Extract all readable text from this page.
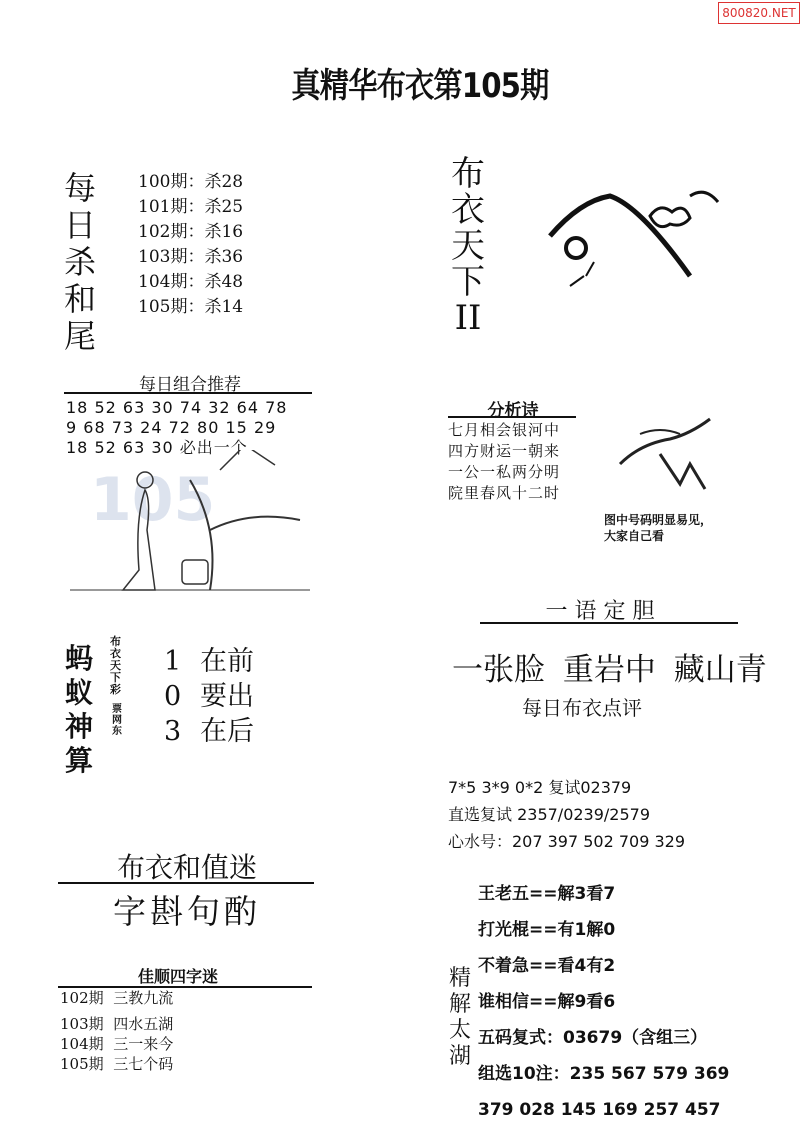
800820.NET
真精华布衣第105期
每
日
杀
和
尾
100期：杀28
101期：杀25
102期：杀16
103期：杀36
104期：杀48
105期：杀14
布
衣
天
下
II
每日组合推荐
18 52 63 30 74 32 64 78
9 68 73 24 72 80 15 29
18 52 63 30 必出一个
105
分析诗
七月相会银河中
四方财运一朝来
一公一私两分明
院里春风十二时
图中号码明显易见，
大家自己看
一 语 定 胆
一张脸 重岩中 藏山青
每日布衣点评
蚂
蚁
神
算
布衣天下彩
票网东
1 在前
0 要出
3 在后
7*5 3*9 0*2 复试02379
直选复试 2357/0239/2579
心水号：207 397 502 709 329
布衣和值迷
字斟句酌
佳顺四字迷
102期 三教九流
103期 四水五湖
104期 三一来今
105期 三七个码
精
解
太
湖
王老五==解3看7
打光棍==有1解0
不着急==看4有2
谁相信==解9看6
五码复式：03679（含组三）
组选10注：235 567 579 369
379 028 145 169 257 457
